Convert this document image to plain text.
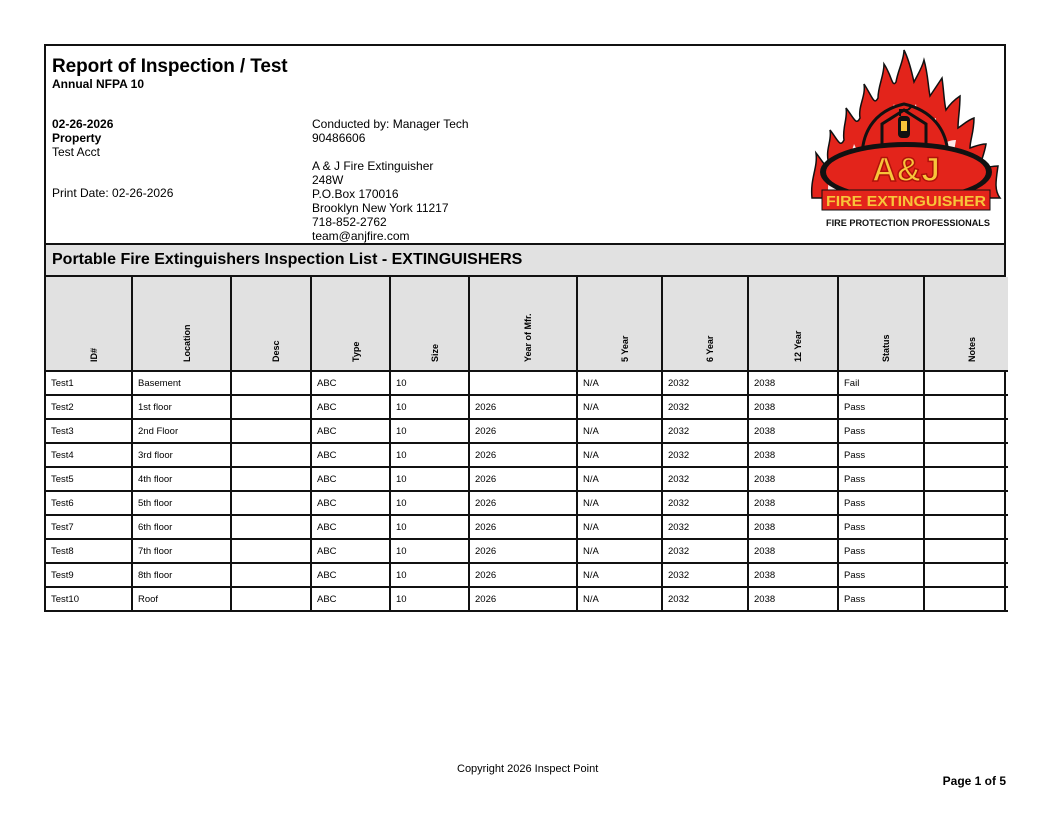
Report of Inspection / Test
Annual NFPA 10
02-26-2026
Property
Test Acct
Print Date: 02-26-2026
Conducted by: Manager Tech
90486606
A & J Fire Extinguisher
248W
P.O.Box 170016
Brooklyn New York 11217
718-852-2762
team@anjfire.com
A&J
FIRE EXTINGUISHER
FIRE PROTECTION PROFESSIONALS
Portable Fire Extinguishers Inspection List - EXTINGUISHERS
ID#	Location	Desc	Type	Size	Year of Mfr.	5 Year	6 Year	12 Year	Status	Notes

Test1	Basement		ABC	10		N/A	2032	2038	Fail	
Test2	1st floor		ABC	10	2026	N/A	2032	2038	Pass	
Test3	2nd Floor		ABC	10	2026	N/A	2032	2038	Pass	
Test4	3rd floor		ABC	10	2026	N/A	2032	2038	Pass	
Test5	4th floor		ABC	10	2026	N/A	2032	2038	Pass	
Test6	5th floor		ABC	10	2026	N/A	2032	2038	Pass	
Test7	6th floor		ABC	10	2026	N/A	2032	2038	Pass	
Test8	7th floor		ABC	10	2026	N/A	2032	2038	Pass	
Test9	8th floor		ABC	10	2026	N/A	2032	2038	Pass	
Test10	Roof		ABC	10	2026	N/A	2032	2038	Pass	
Copyright 2026 Inspect Point
Page 1 of 5
